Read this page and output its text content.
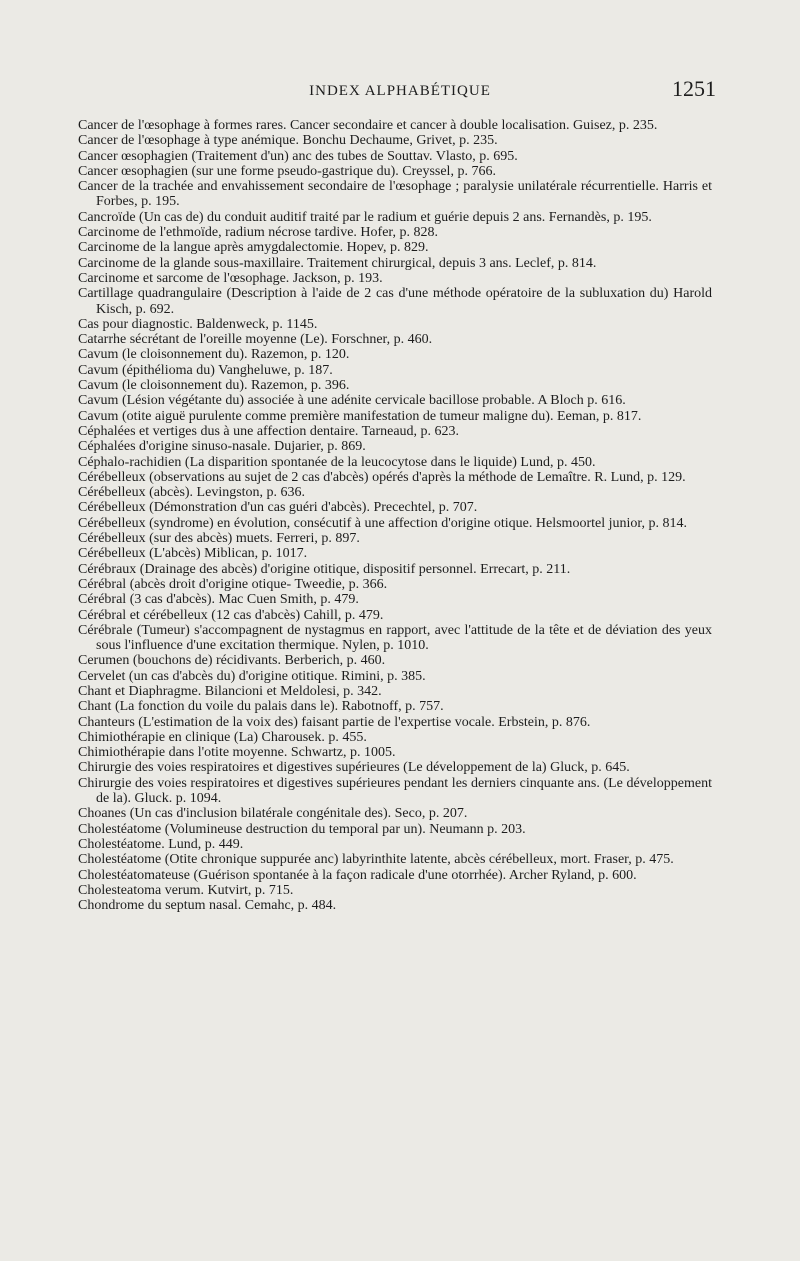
INDEX ALPHABÉTIQUE	1251

Cancer de l'œsophage à formes rares. Cancer secondaire et cancer à double localisation. Guisez, p. 235.

Cancer de l'œsophage à type anémique. Bonchu Dechaume, Grivet, p. 235.

Cancer œsophagien (Traitement d'un) anc des tubes de Souttav. Vlasto, p. 695.

Cancer œsophagien (sur une forme pseudo-gastrique du). Creyssel, p. 766.

Cancer de la trachée and envahissement secondaire de l'œsophage ; paralysie unilatérale récurrentielle. Harris et Forbes, p. 195.

Cancroïde (Un cas de) du conduit auditif traité par le radium et guérie depuis 2 ans. Fernandès, p. 195.

Carcinome de l'ethmoïde, radium nécrose tardive. Hofer, p. 828.

Carcinome de la langue après amygdalectomie. Hopev, p. 829.

Carcinome de la glande sous-maxillaire. Traitement chirurgical, depuis 3 ans. Leclef, p. 814.

Carcinome et sarcome de l'œsophage. Jackson, p. 193.

Cartillage quadrangulaire (Description à l'aide de 2 cas d'une méthode opératoire de la subluxation du) Harold Kisch, p. 692.

Cas pour diagnostic. Baldenweck, p. 1145.

Catarrhe sécrétant de l'oreille moyenne (Le). Forschner, p. 460.

Cavum (le cloisonnement du). Razemon, p. 120.

Cavum (épithélioma du) Vangheluwe, p. 187.

Cavum (le cloisonnement du). Razemon, p. 396.

Cavum (Lésion végétante du) associée à une adénite cervicale bacillose probable. A Bloch p. 616.

Cavum (otite aiguë purulente comme première manifestation de tumeur maligne du). Eeman, p. 817.

Céphalées et vertiges dus à une affection dentaire. Tarneaud, p. 623.

Céphalées d'origine sinuso-nasale. Dujarier, p. 869.

Céphalo-rachidien (La disparition spontanée de la leucocytose dans le liquide) Lund, p. 450.

Cérébelleux (observations au sujet de 2 cas d'abcès) opérés d'après la méthode de Lemaître. R. Lund, p. 129.

Cérébelleux (abcès). Levingston, p. 636.

Cérébelleux (Démonstration d'un cas guéri d'abcès). Precechtel, p. 707.

Cérébelleux (syndrome) en évolution, consécutif à une affection d'origine otique. Helsmoortel junior, p. 814.

Cérébelleux (sur des abcès) muets. Ferreri, p. 897.

Cérébelleux (L'abcès) Miblican, p. 1017.

Cérébraux (Drainage des abcès) d'origine otitique, dispositif personnel. Errecart, p. 211.

Cérébral (abcès droit d'origine otique- Tweedie, p. 366.

Cérébral (3 cas d'abcès). Mac Cuen Smith, p. 479.

Cérébral et cérébelleux (12 cas d'abcès) Cahill, p. 479.

Cérébrale (Tumeur) s'accompagnent de nystagmus en rapport, avec l'attitude de la tête et de déviation des yeux sous l'influence d'une excitation thermique. Nylen, p. 1010.

Cerumen (bouchons de) récidivants. Berberich, p. 460.

Cervelet (un cas d'abcès du) d'origine otitique. Rimini, p. 385.

Chant et Diaphragme. Bilancioni et Meldolesi, p. 342.

Chant (La fonction du voile du palais dans le). Rabotnoff, p. 757.

Chanteurs (L'estimation de la voix des) faisant partie de l'expertise vocale. Erbstein, p. 876.

Chimiothérapie en clinique (La) Charousek. p. 455.

Chimiothérapie dans l'otite moyenne. Schwartz, p. 1005.

Chirurgie des voies respiratoires et digestives supérieures (Le développement de la) Gluck, p. 645.

Chirurgie des voies respiratoires et digestives supérieures pendant les derniers cinquante ans. (Le développement de la). Gluck. p. 1094.

Choanes (Un cas d'inclusion bilatérale congénitale des). Seco, p. 207.

Cholestéatome (Volumineuse destruction du temporal par un). Neumann p. 203.

Cholestéatome. Lund, p. 449.

Cholestéatome (Otite chronique suppurée anc) labyrinthite latente, abcès cérébelleux, mort. Fraser, p. 475.

Cholestéatomateuse (Guérison spontanée à la façon radicale d'une otorrhée). Archer Ryland, p. 600.

Cholesteatoma verum. Kutvirt, p. 715.

Chondrome du septum nasal. Cemahc, p. 484.
